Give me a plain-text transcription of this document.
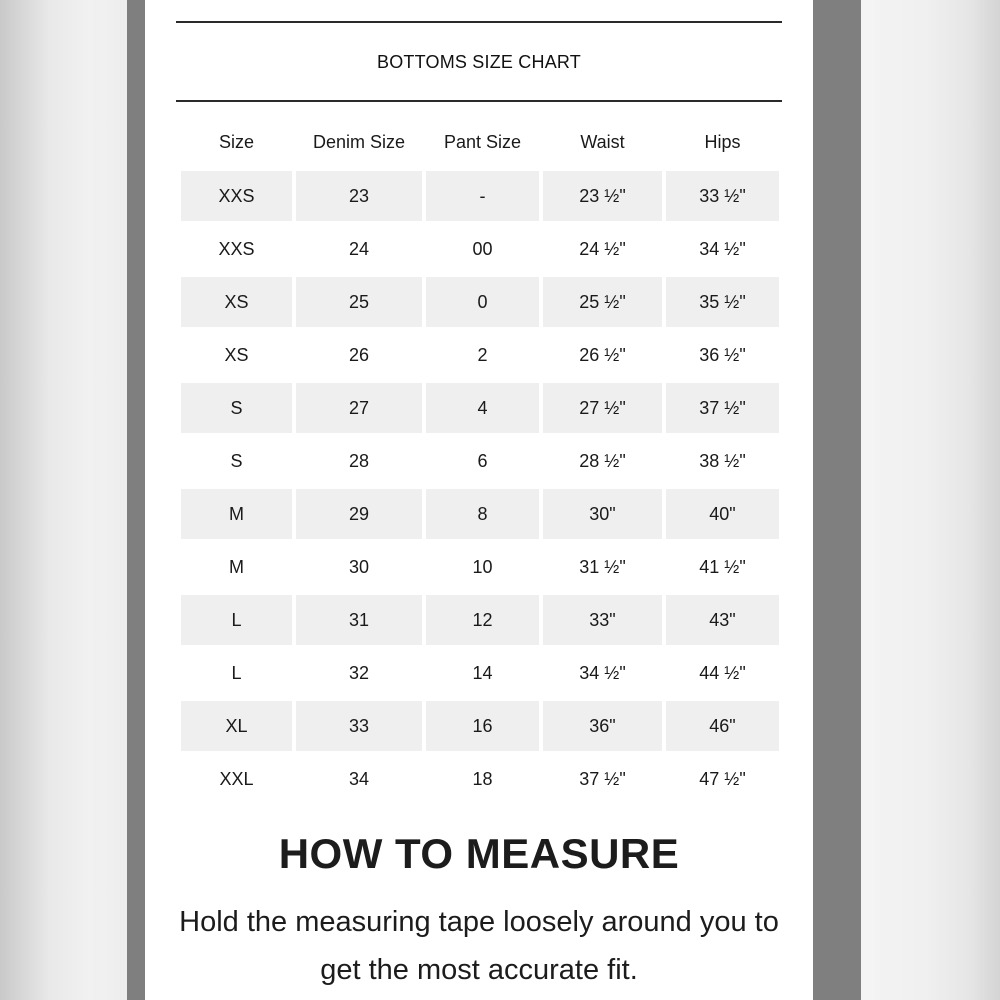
BOTTOMS SIZE CHART
Size	Denim Size	Pant Size	Waist	Hips
XXS	23	-	23 ½"	33 ½"
XXS	24	00	24 ½"	34 ½"
XS	25	0	25 ½"	35 ½"
XS	26	2	26 ½"	36 ½"
S	27	4	27 ½"	37 ½"
S	28	6	28 ½"	38 ½"
M	29	8	30"	40"
M	30	10	31 ½"	41 ½"
L	31	12	33"	43"
L	32	14	34 ½"	44 ½"
XL	33	16	36"	46"
XXL	34	18	37 ½"	47 ½"
HOW TO MEASURE
Hold the measuring tape loosely around you to get the most accurate fit.
